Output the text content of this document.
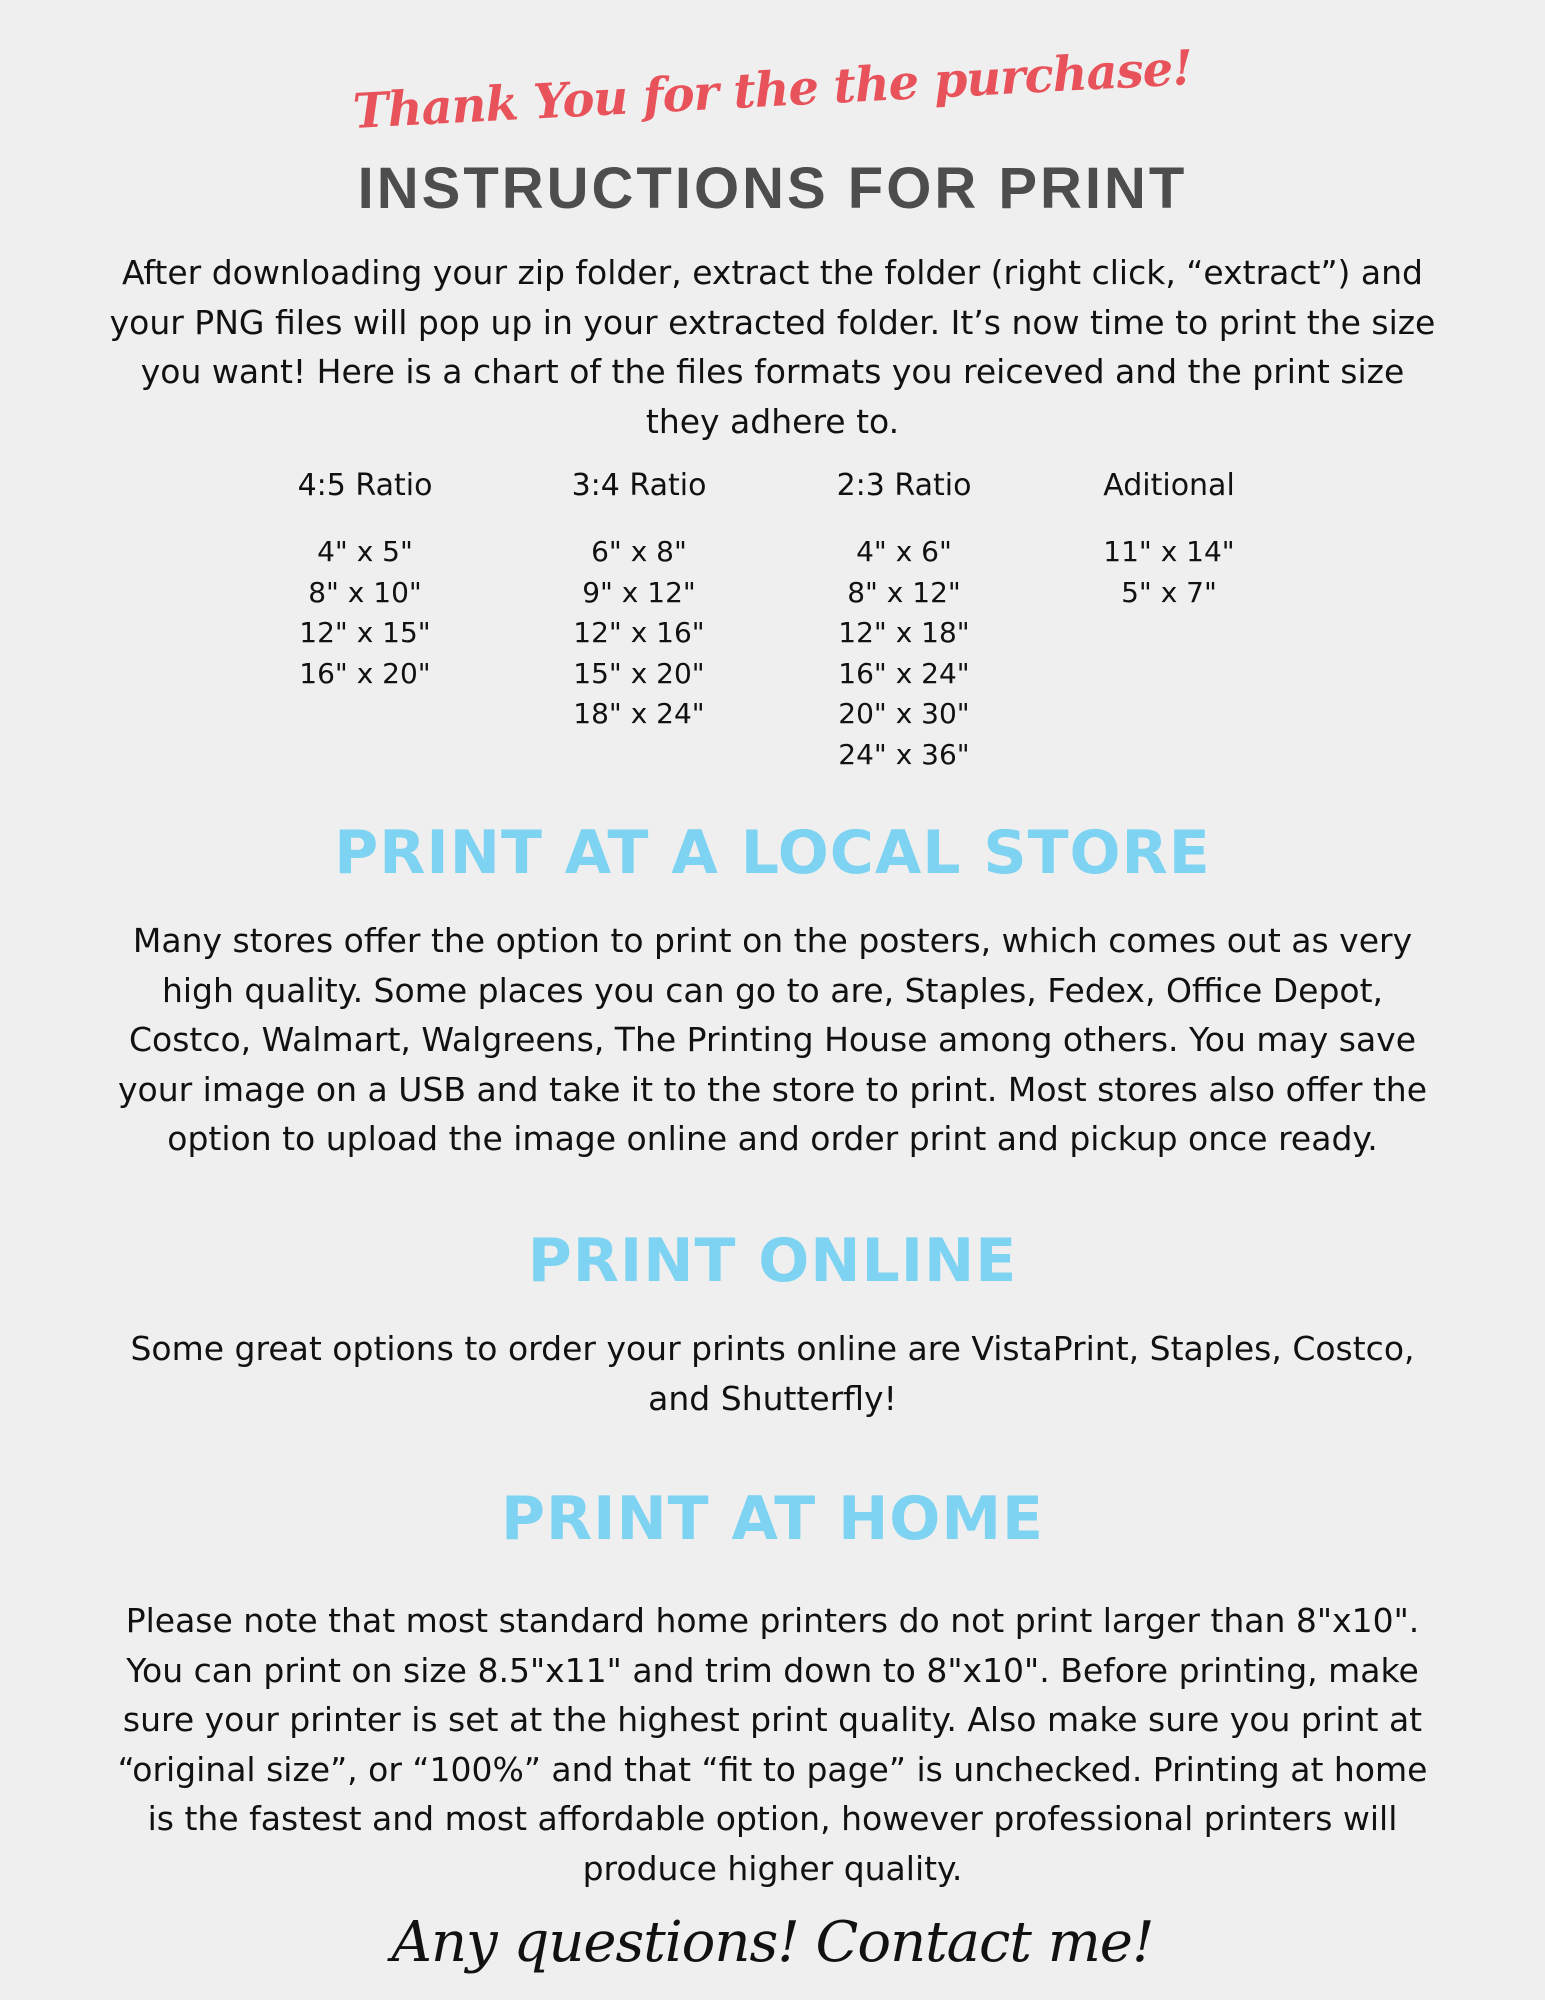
Thank You for the the purchase!
INSTRUCTIONS FOR PRINT
After downloading your zip folder, extract the folder (right click, “extract”) and your PNG files will pop up in your extracted folder. It’s now time to print the size you want! Here is a chart of the files formats you reiceved and the print size they adhere to.
4:5 Ratio
4" x 5"
8" x 10"
12" x 15"
16" x 20"
3:4 Ratio
6" x 8"
9" x 12"
12" x 16"
15" x 20"
18" x 24"
2:3 Ratio
4" x 6"
8" x 12"
12" x 18"
16" x 24"
20" x 30"
24" x 36"
Aditional
11" x 14"
5" x 7"
PRINT AT A LOCAL STORE
Many stores offer the option to print on the posters, which comes out as very high quality. Some places you can go to are, Staples, Fedex, Office Depot, Costco, Walmart, Walgreens, The Printing House among others. You may save your image on a USB and take it to the store to print. Most stores also offer the option to upload the image online and order print and pickup once ready.
PRINT ONLINE
Some great options to order your prints online are VistaPrint, Staples, Costco, and Shutterfly!
PRINT AT HOME
Please note that most standard home printers do not print larger than 8"x10". You can print on size 8.5"x11" and trim down to 8"x10". Before printing, make sure your printer is set at the highest print quality. Also make sure you print at “original size”, or “100%” and that “fit to page” is unchecked. Printing at home is the fastest and most affordable option, however professional printers will produce higher quality.
Any questions! Contact me!
